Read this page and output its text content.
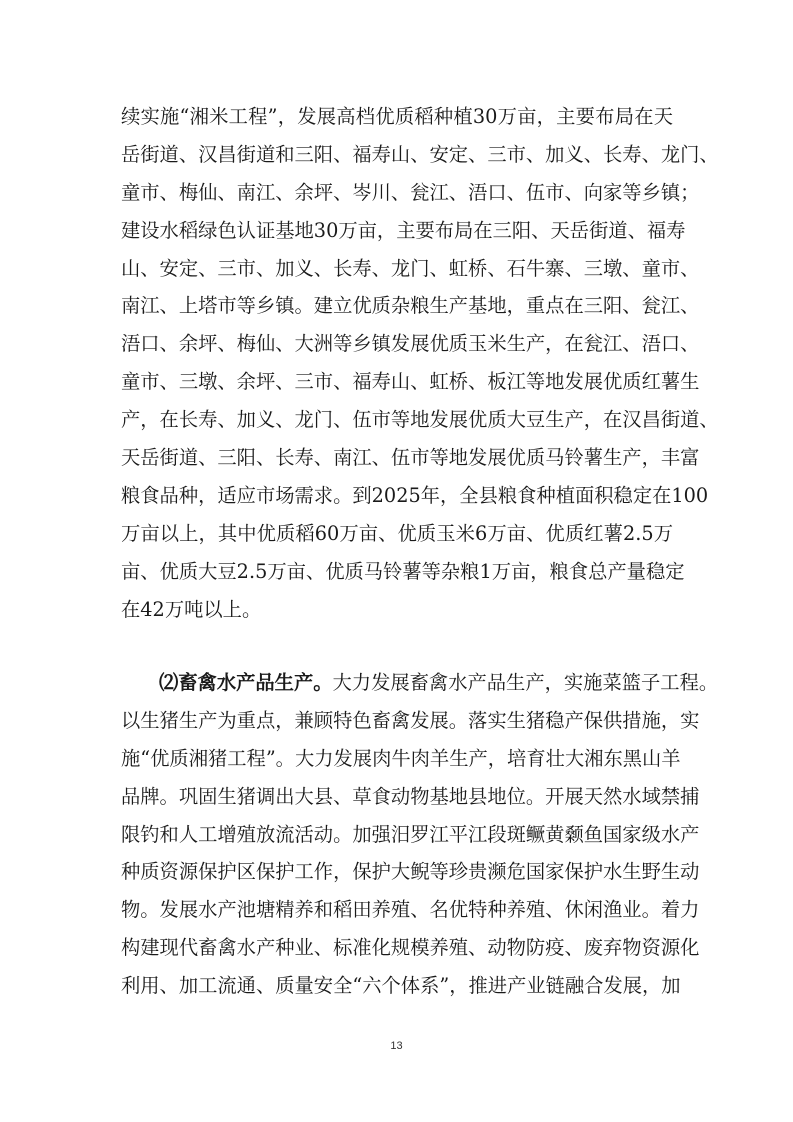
续实施“湘米工程”，发展高档优质稻种植30万亩，主要布局在天
岳街道、汉昌街道和三阳、福寿山、安定、三市、加义、长寿、龙门、
童市、梅仙、南江、余坪、岑川、瓮江、浯口、伍市、向家等乡镇；
建设水稻绿色认证基地30万亩，主要布局在三阳、天岳街道、福寿
山、安定、三市、加义、长寿、龙门、虹桥、石牛寨、三墩、童市、
南江、上塔市等乡镇。建立优质杂粮生产基地，重点在三阳、瓮江、
浯口、余坪、梅仙、大洲等乡镇发展优质玉米生产，在瓮江、浯口、
童市、三墩、余坪、三市、福寿山、虹桥、板江等地发展优质红薯生
产，在长寿、加义、龙门、伍市等地发展优质大豆生产，在汉昌街道、
天岳街道、三阳、长寿、南江、伍市等地发展优质马铃薯生产，丰富
粮食品种，适应市场需求。到2025年，全县粮食种植面积稳定在100
万亩以上，其中优质稻60万亩、优质玉米6万亩、优质红薯2.5万
亩、优质大豆2.5万亩、优质马铃薯等杂粮1万亩，粮食总产量稳定
在42万吨以上。
⑵畜禽水产品生产。大力发展畜禽水产品生产，实施菜篮子工程。
以生猪生产为重点，兼顾特色畜禽发展。落实生猪稳产保供措施，实
施“优质湘猪工程”。大力发展肉牛肉羊生产，培育壮大湘东黑山羊
品牌。巩固生猪调出大县、草食动物基地县地位。开展天然水域禁捕
限钓和人工增殖放流活动。加强汨罗江平江段斑鳜黄颡鱼国家级水产
种质资源保护区保护工作，保护大鲵等珍贵濒危国家保护水生野生动
物。发展水产池塘精养和稻田养殖、名优特种养殖、休闲渔业。着力
构建现代畜禽水产种业、标准化规模养殖、动物防疫、废弃物资源化
利用、加工流通、质量安全“六个体系”，推进产业链融合发展，加
13
